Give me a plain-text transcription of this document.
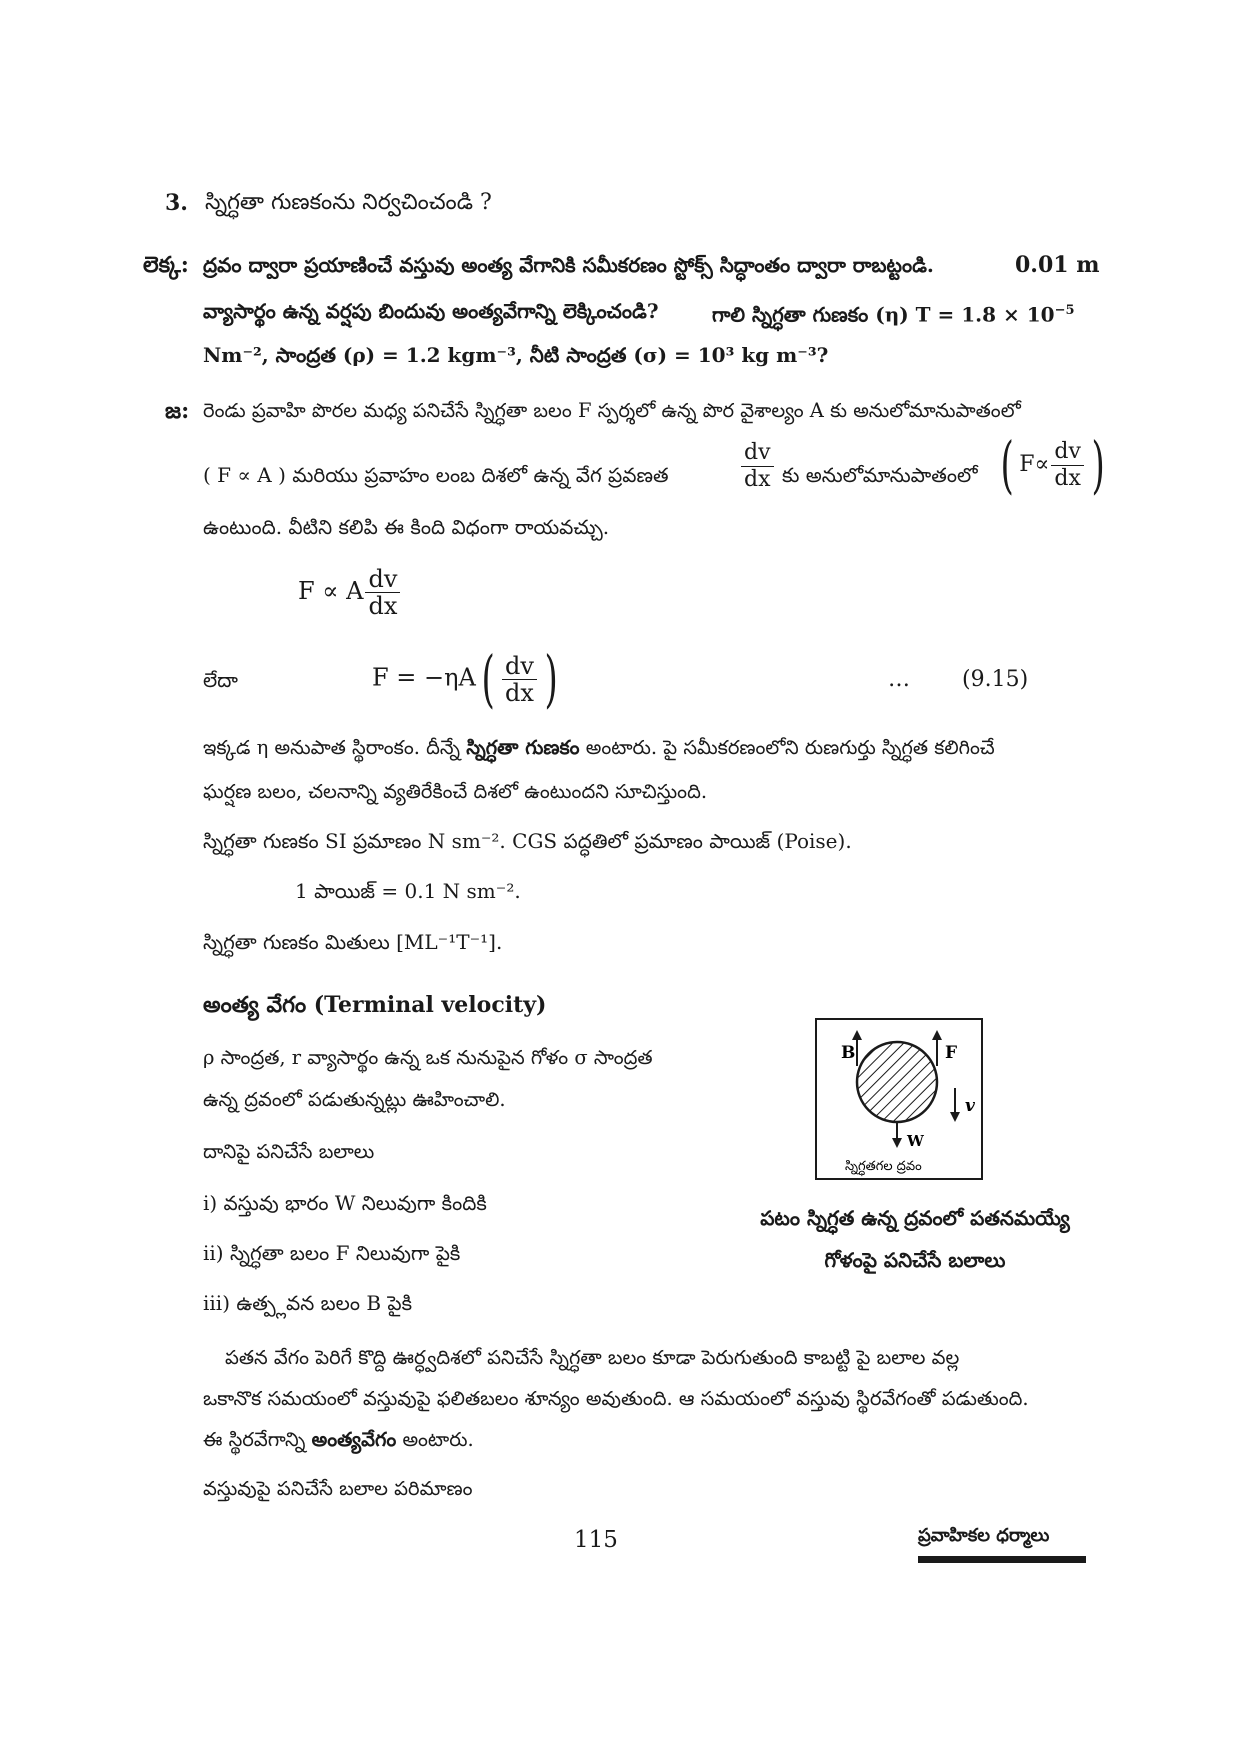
3. స్నిగ్ధతా గుణకంను నిర్వచించండి ?
లెక్క: ద్రవం ద్వారా ప్రయాణించే వస్తువు అంత్య వేగానికి సమీకరణం స్టోక్స్ సిద్ధాంతం ద్వారా రాబట్టండి.	0.01 m
వ్యాసార్థం ఉన్న వర్షపు బిందువు అంత్యవేగాన్ని లెక్కించండి?	గాలి స్నిగ్ధతా గుణకం (η) $T = 1.8 \times 10^{-5}$
Nm⁻², సాంద్రత (ρ) = 1.2 kgm⁻³, నీటి సాంద్రత (σ) = 10³ kg m⁻³?
జ: రెండు ప్రవాహి పొరల మధ్య పనిచేసే స్నిగ్ధతా బలం F స్పర్శలో ఉన్న పొర వైశాల్యం A కు అనులోమానుపాతంలో
( F ∝ A ) మరియు ప్రవాహం లంబ దిశలో ఉన్న వేగ ప్రవణత	$\frac{dv}{dx}$ కు అనులోమానుపాతంలో ( $F\propto \frac{dv}{dx}$ )
ఉంటుంది. వీటిని కలిపి ఈ కింది విధంగా రాయవచ్చు.
F ∝ A $\frac{dv}{dx}$
లేదా	$F = -\eta A( \frac{dv}{dx}$ )	… (9.15)
ఇక్కడ η అనుపాత స్థిరాంకం. దీన్నే స్నిగ్ధతా గుణకం అంటారు. పై సమీకరణంలోని రుణగుర్తు స్నిగ్ధత కలిగించే
ఘర్షణ బలం, చలనాన్ని వ్యతిరేకించే దిశలో ఉంటుందని సూచిస్తుంది.
స్నిగ్ధతా గుణకం SI ప్రమాణం N sm⁻². CGS పద్ధతిలో ప్రమాణం పాయిజ్ (Poise).
1 పాయిజ్ = 0.1 N sm⁻².
స్నిగ్ధతా గుణకం మితులు [ML⁻¹T⁻¹].
అంత్య వేగం (Terminal velocity)
ρ సాంద్రత, r వ్యాసార్థం ఉన్న ఒక నునుపైన గోళం σ సాంద్రత
ఉన్న ద్రవంలో పడుతున్నట్లు ఊహించాలి.
దానిపై పనిచేసే బలాలు
i) వస్తువు భారం W నిలువుగా కిందికి
ii) స్నిగ్ధతా బలం F నిలువుగా పైకి
iii) ఉత్ప్లవన బలం B పైకి
B	F
v
W
స్నిగ్ధతగల ద్రవం
పటం స్నిగ్ధత ఉన్న ద్రవంలో పతనమయ్యే
గోళంపై పనిచేసే బలాలు
పతన వేగం పెరిగే కొద్ది ఊర్ధ్వదిశలో పనిచేసే స్నిగ్ధతా బలం కూడా పెరుగుతుంది కాబట్టి పై బలాల వల్ల
ఒకానొక సమయంలో వస్తువుపై ఫలితబలం శూన్యం అవుతుంది. ఆ సమయంలో వస్తువు స్థిరవేగంతో పడుతుంది.
ఈ స్థిరవేగాన్ని అంత్యవేగం అంటారు.
వస్తువుపై పనిచేసే బలాల పరిమాణం
115	ప్రవాహికల ధర్మాలు
